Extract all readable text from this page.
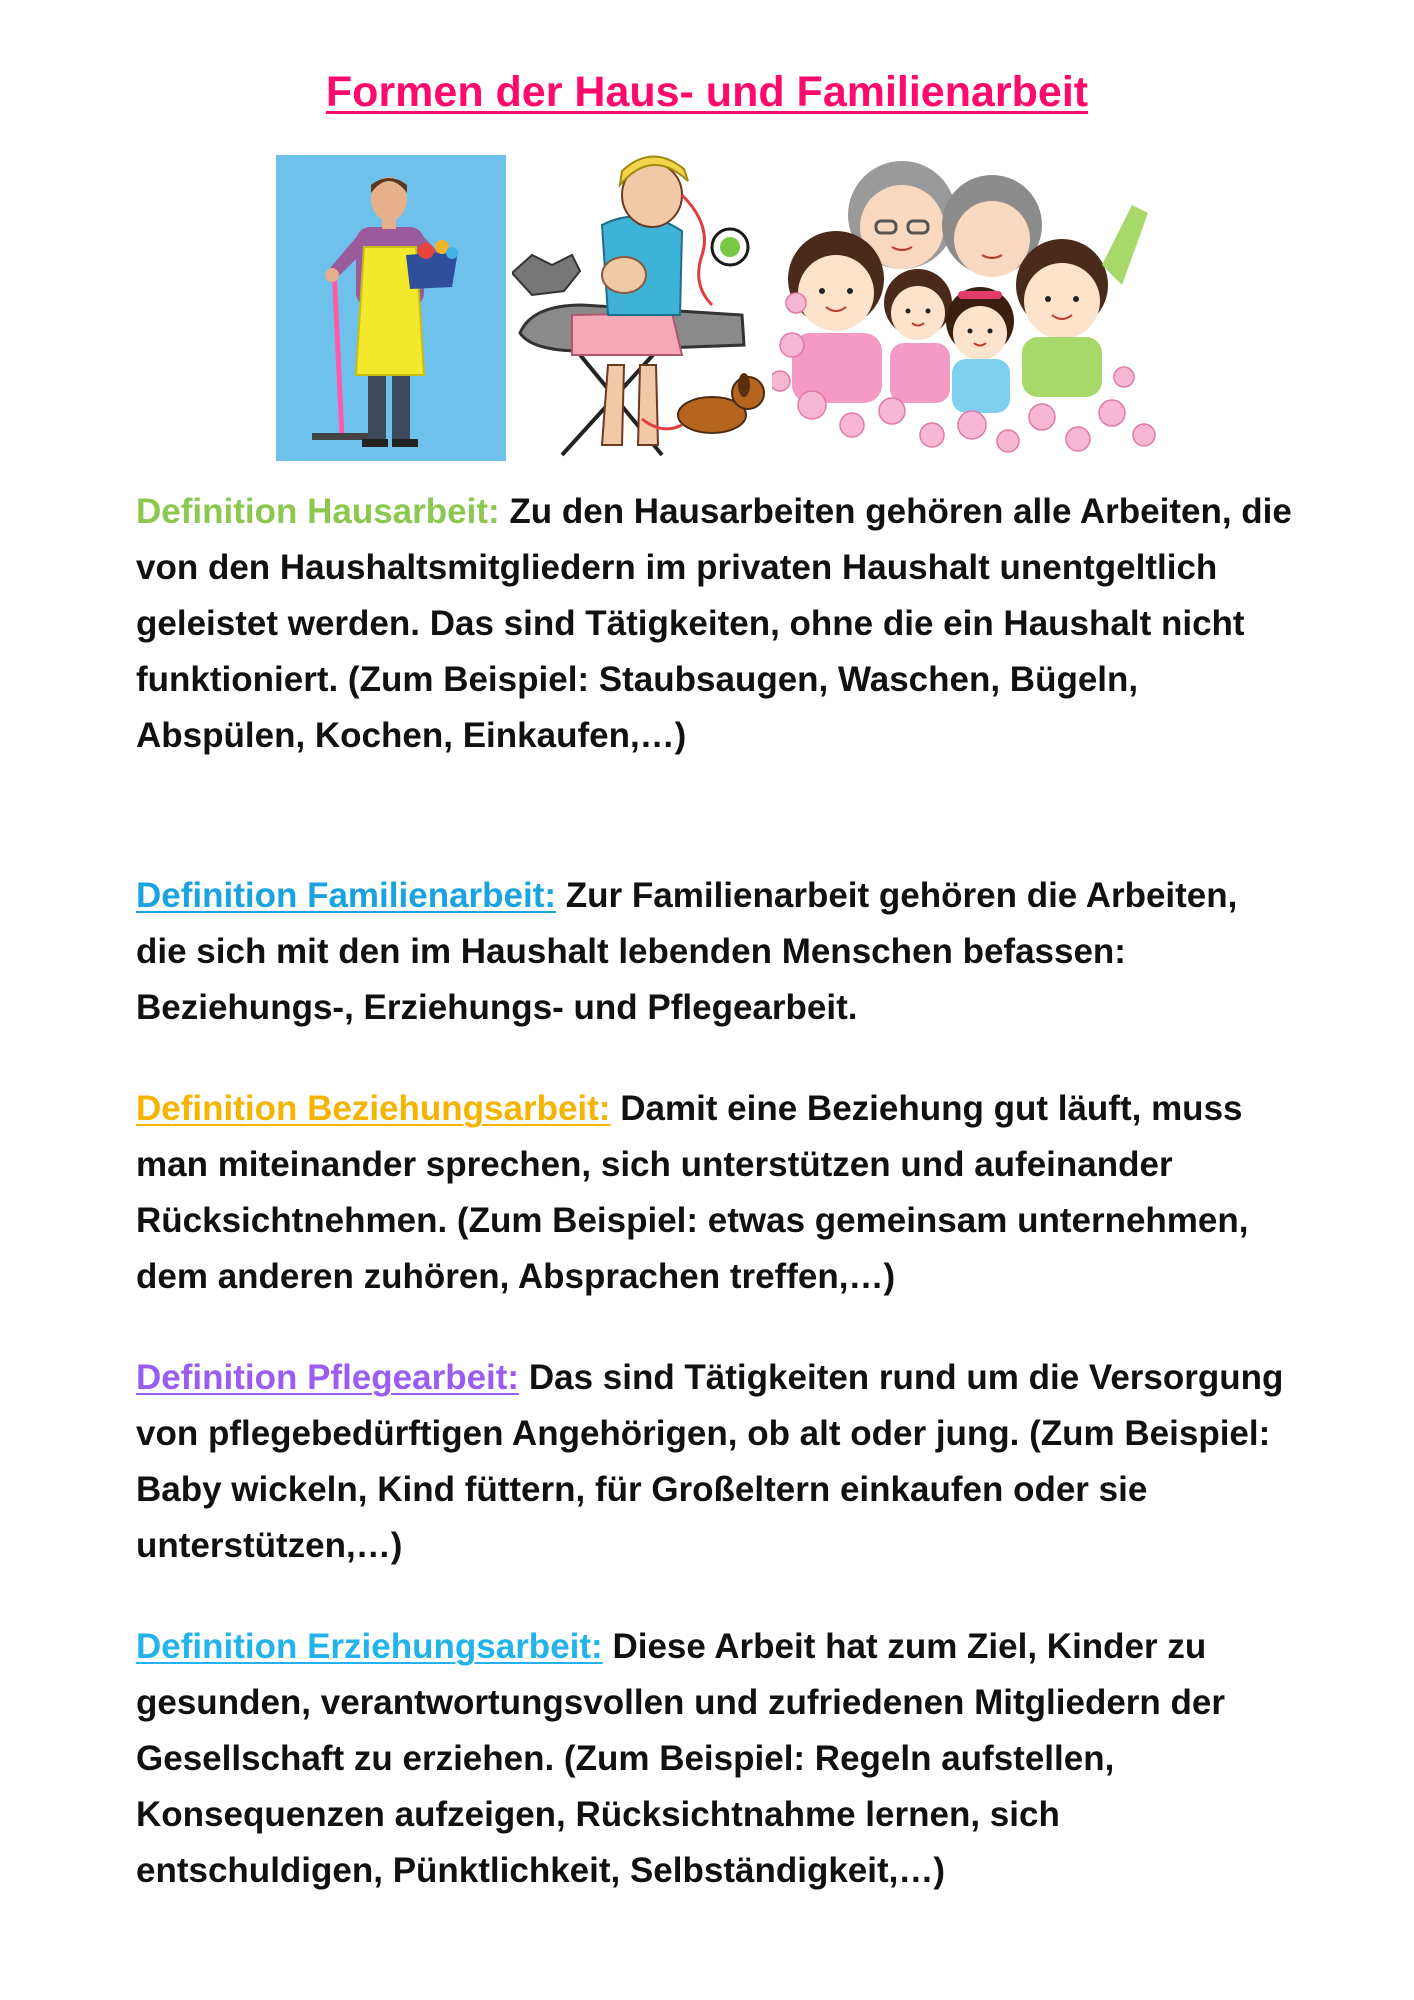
Formen der Haus- und Familienarbeit

Definition Hausarbeit: Zu den Hausarbeiten gehören alle Arbeiten, die von den Haushaltsmitgliedern im privaten Haushalt unentgeltlich geleistet werden. Das sind Tätigkeiten, ohne die ein Haushalt nicht funktioniert. (Zum Beispiel: Staubsaugen, Waschen, Bügeln, Abspülen, Kochen, Einkaufen,…)

Definition Familienarbeit: Zur Familienarbeit gehören die Arbeiten, die sich mit den im Haushalt lebenden Menschen befassen: Beziehungs-, Erziehungs- und Pflegearbeit.

Definition Beziehungsarbeit: Damit eine Beziehung gut läuft, muss man miteinander sprechen, sich unterstützen und aufeinander Rücksichtnehmen. (Zum Beispiel: etwas gemeinsam unternehmen, dem anderen zuhören, Absprachen treffen,…)

Definition Pflegearbeit: Das sind Tätigkeiten rund um die Versorgung von pflegebedürftigen Angehörigen, ob alt oder jung. (Zum Beispiel: Baby wickeln, Kind füttern, für Großeltern einkaufen oder sie unterstützen,…)

Definition Erziehungsarbeit: Diese Arbeit hat zum Ziel, Kinder zu gesunden, verantwortungsvollen und zufriedenen Mitgliedern der Gesellschaft zu erziehen. (Zum Beispiel: Regeln aufstellen, Konsequenzen aufzeigen, Rücksichtnahme lernen, sich entschuldigen, Pünktlichkeit, Selbständigkeit,…)
